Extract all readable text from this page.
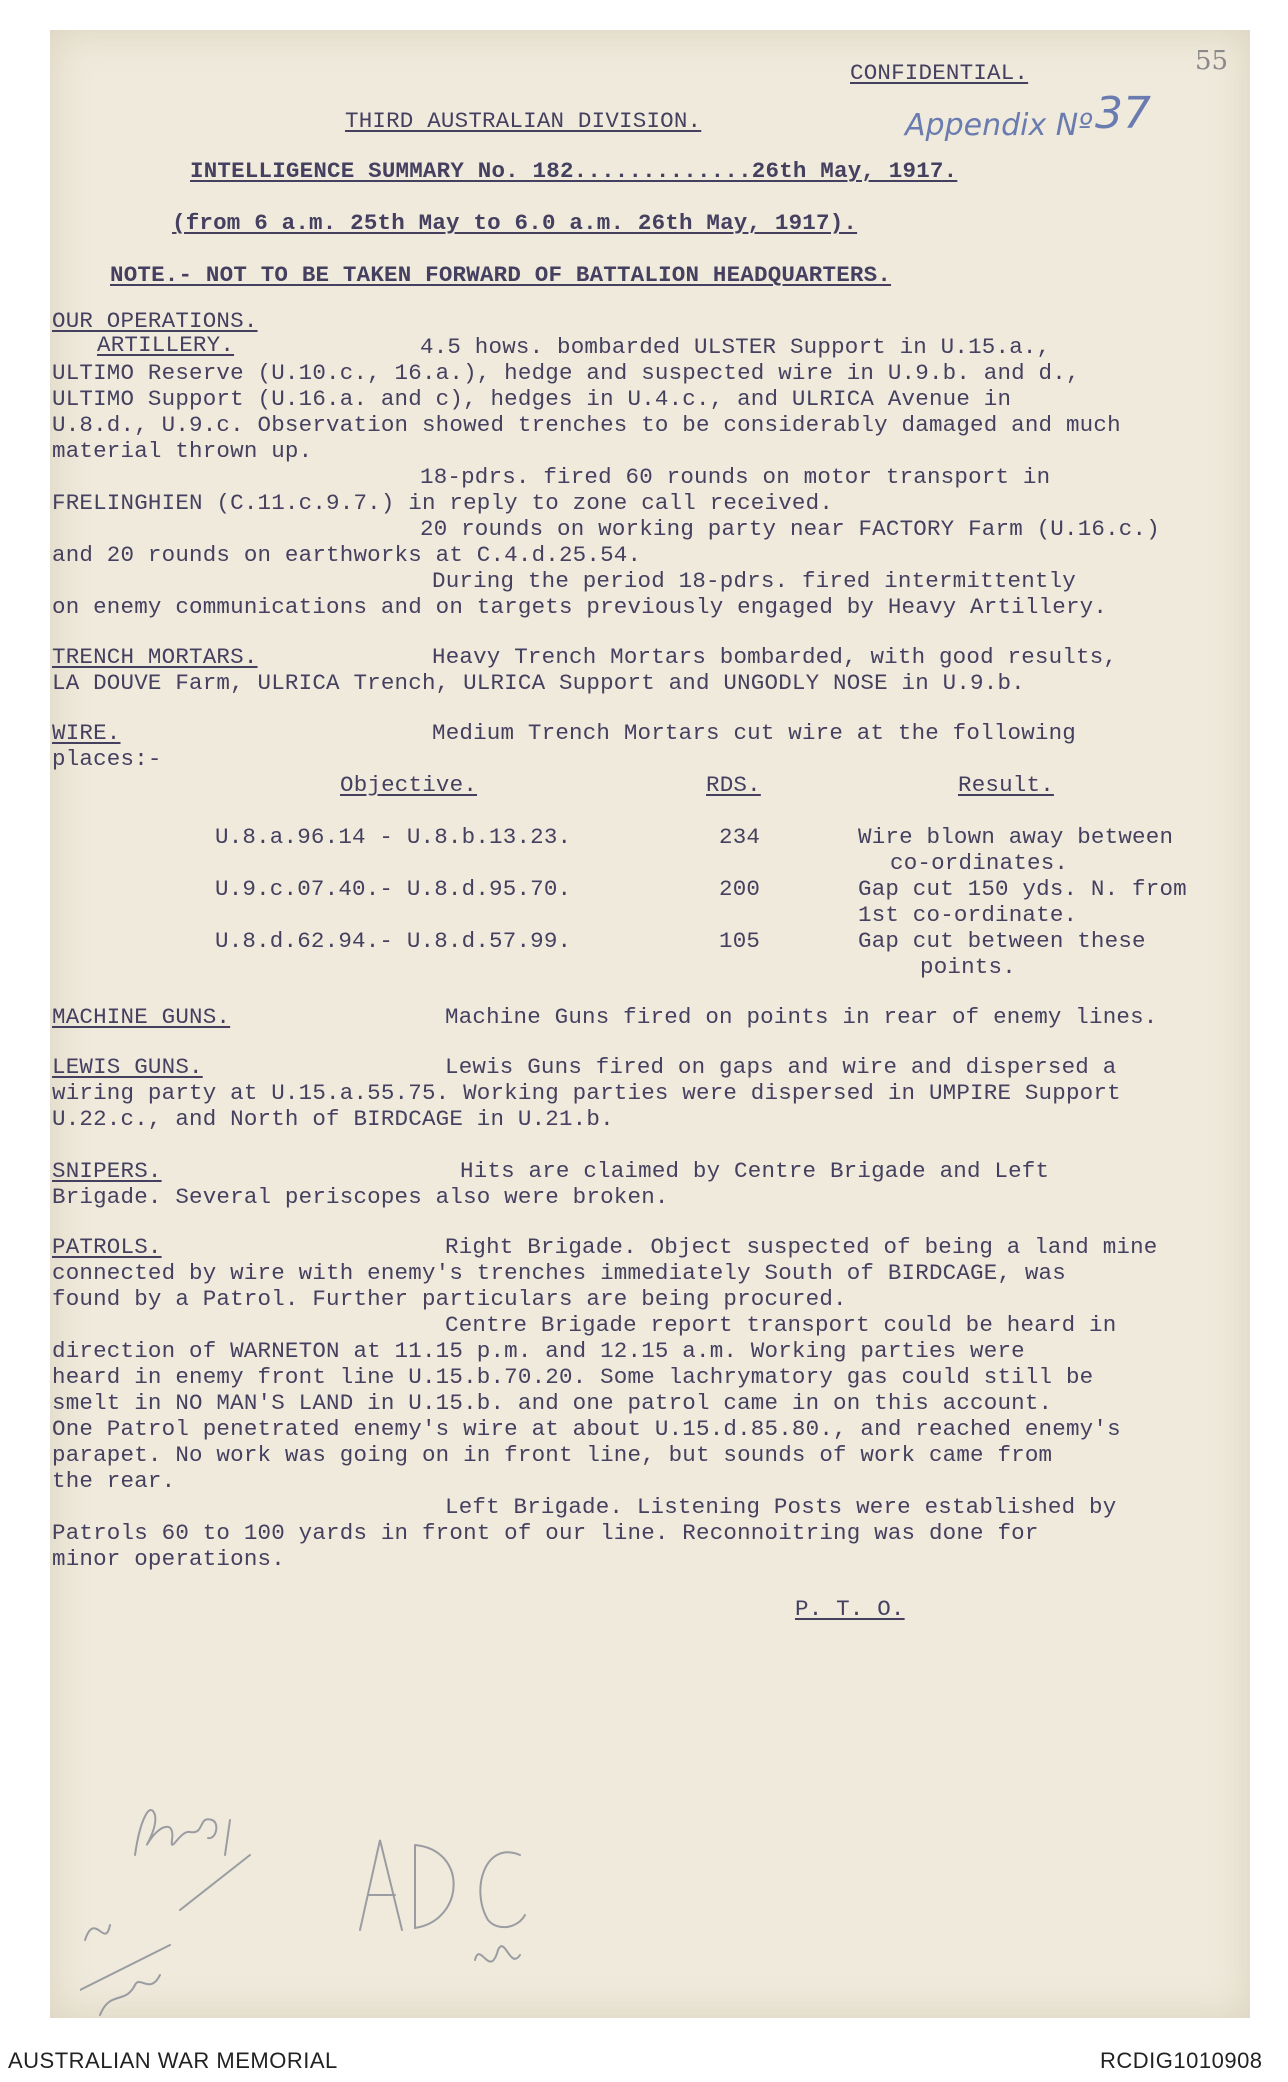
55
CONFIDENTIAL.
Appendix Nº 37
THIRD AUSTRALIAN DIVISION.
INTELLIGENCE SUMMARY No. 182.............26th May, 1917.
(from 6 a.m. 25th May to 6.0 a.m. 26th May, 1917).
NOTE.- NOT TO BE TAKEN FORWARD OF BATTALION HEADQUARTERS.
OUR OPERATIONS.
ARTILLERY.	4.5 hows. bombarded ULSTER Support in U.15.a.,
ULTIMO Reserve (U.10.c., 16.a.), hedge and suspected wire in U.9.b. and d.,
ULTIMO Support (U.16.a. and c), hedges in U.4.c., and ULRICA Avenue in
U.8.d., U.9.c. Observation showed trenches to be considerably damaged and much
material thrown up.
18-pdrs. fired 60 rounds on motor transport in
FRELINGHIEN (C.11.c.9.7.) in reply to zone call received.
20 rounds on working party near FACTORY Farm (U.16.c.)
and 20 rounds on earthworks at C.4.d.25.54.
During the period 18-pdrs. fired intermittently
on enemy communications and on targets previously engaged by Heavy Artillery.
TRENCH MORTARS.	Heavy Trench Mortars bombarded, with good results,
LA DOUVE Farm, ULRICA Trench, ULRICA Support and UNGODLY NOSE in U.9.b.
WIRE.	Medium Trench Mortars cut wire at the following
places:-
Objective.	RDS.	Result.
U.8.a.96.14 - U.8.b.13.23.	234	Wire blown away between
co-ordinates.
U.9.c.07.40.- U.8.d.95.70.	200	Gap cut 150 yds. N. from
1st co-ordinate.
U.8.d.62.94.- U.8.d.57.99.	105	Gap cut between these
points.
MACHINE GUNS.	Machine Guns fired on points in rear of enemy lines.
LEWIS GUNS.	Lewis Guns fired on gaps and wire and dispersed a
wiring party at U.15.a.55.75. Working parties were dispersed in UMPIRE Support
U.22.c., and North of BIRDCAGE in U.21.b.
SNIPERS.	Hits are claimed by Centre Brigade and Left
Brigade. Several periscopes also were broken.
PATROLS.	Right Brigade. Object suspected of being a land mine
connected by wire with enemy's trenches immediately South of BIRDCAGE, was
found by a Patrol. Further particulars are being procured.
Centre Brigade report transport could be heard in
direction of WARNETON at 11.15 p.m. and 12.15 a.m. Working parties were
heard in enemy front line U.15.b.70.20. Some lachrymatory gas could still be
smelt in NO MAN'S LAND in U.15.b. and one patrol came in on this account.
One Patrol penetrated enemy's wire at about U.15.d.85.80., and reached enemy's
parapet. No work was going on in front line, but sounds of work came from
the rear.
Left Brigade. Listening Posts were established by
Patrols 60 to 100 yards in front of our line. Reconnoitring was done for
minor operations.
P. T. O.
AUSTRALIAN WAR MEMORIAL	RCDIG1010908
